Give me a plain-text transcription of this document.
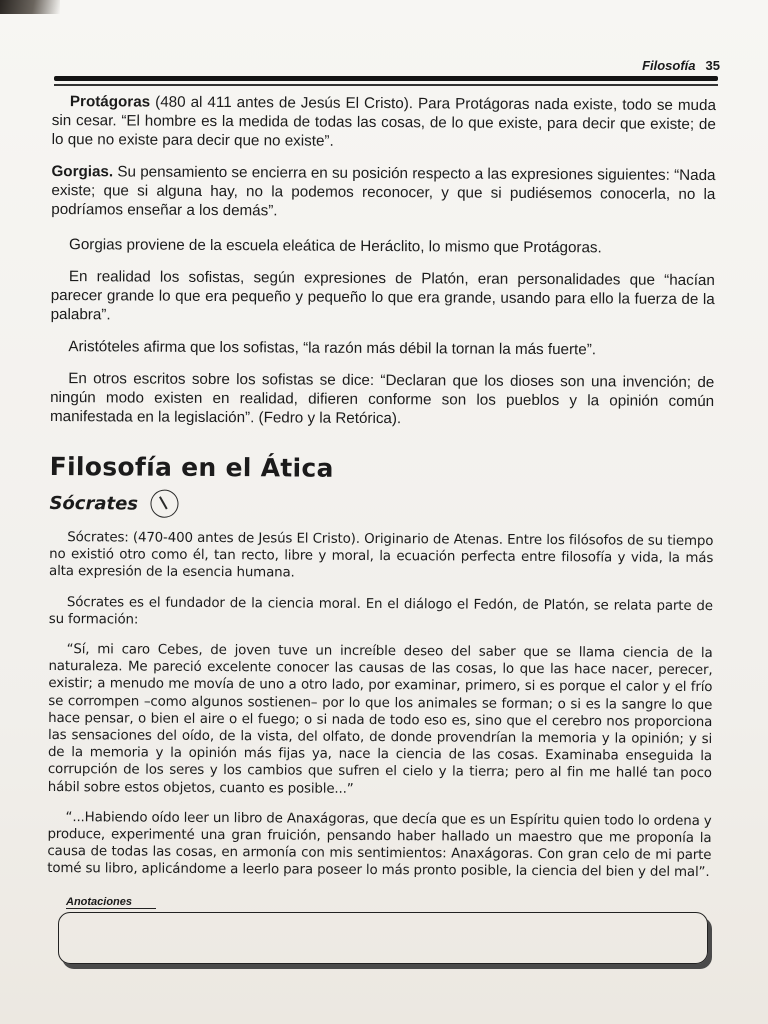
Filosofía 35

Protágoras (480 al 411 antes de Jesús El Cristo). Para Protágoras nada existe, todo se muda sin cesar. “El hombre es la medida de todas las cosas, de lo que existe, para decir que existe; de lo que no existe para decir que no existe”.

Gorgias. Su pensamiento se encierra en su posición respecto a las expresiones siguientes: “Nada existe; que si alguna hay, no la podemos reconocer, y que si pudiésemos conocerla, no la podríamos enseñar a los demás”.

Gorgias proviene de la escuela eleática de Heráclito, lo mismo que Protágoras.

En realidad los sofistas, según expresiones de Platón, eran personalidades que “hacían parecer grande lo que era pequeño y pequeño lo que era grande, usando para ello la fuerza de la palabra”.

Aristóteles afirma que los sofistas, “la razón más débil la tornan la más fuerte”.

En otros escritos sobre los sofistas se dice: “Declaran que los dioses son una invención; de ningún modo existen en realidad, difieren conforme son los pueblos y la opinión común manifestada en la legislación”. (Fedro y la Retórica).

Filosofía en el Ática
Sócrates

Sócrates: (470-400 antes de Jesús El Cristo). Originario de Atenas. Entre los filósofos de su tiempo no existió otro como él, tan recto, libre y moral, la ecuación perfecta entre filosofía y vida, la más alta expresión de la esencia humana.

Sócrates es el fundador de la ciencia moral. En el diálogo el Fedón, de Platón, se relata parte de su formación:

“Sí, mi caro Cebes, de joven tuve un increíble deseo del saber que se llama ciencia de la naturaleza. Me pareció excelente conocer las causas de las cosas, lo que las hace nacer, perecer, existir; a menudo me movía de uno a otro lado, por examinar, primero, si es porque el calor y el frío se corrompen –como algunos sostienen– por lo que los animales se forman; o si es la sangre lo que hace pensar, o bien el aire o el fuego; o si nada de todo eso es, sino que el cerebro nos proporciona las sensaciones del oído, de la vista, del olfato, de donde provendrían la memoria y la opinión; y si de la memoria y la opinión más fijas ya, nace la ciencia de las cosas. Examinaba enseguida la corrupción de los seres y los cambios que sufren el cielo y la tierra; pero al fin me hallé tan poco hábil sobre estos objetos, cuanto es posible...”

“...Habiendo oído leer un libro de Anaxágoras, que decía que es un Espíritu quien todo lo ordena y produce, experimenté una gran fruición, pensando haber hallado un maestro que me proponía la causa de todas las cosas, en armonía con mis sentimientos: Anaxágoras. Con gran celo de mi parte tomé su libro, aplicándome a leerlo para poseer lo más pronto posible, la ciencia del bien y del mal”.

Anotaciones
